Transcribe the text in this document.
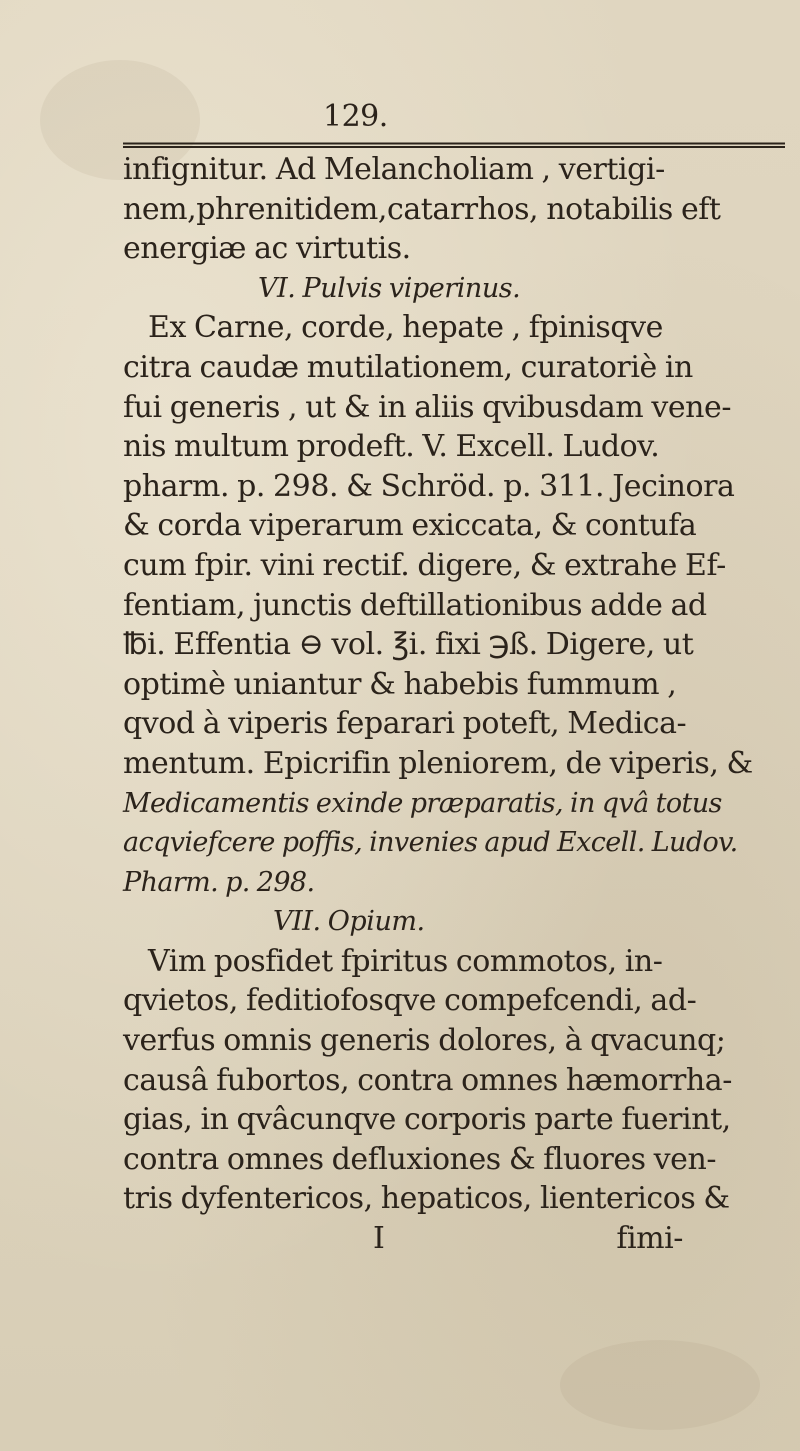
129.
infignitur. Ad Melancholiam , vertigi-
nem,phrenitidem,catarrhos, notabilis eft
energiæ ac virtutis.
VI. Pulvis viperinus.
Ex Carne, corde, hepate , fpinisqve
citra caudæ mutilationem, curatoriè in
fui generis , ut & in aliis qvibusdam vene-
nis multum prodeft. V. Excell. Ludov.
pharm. p. 298. & Schröd. p. 311. Jecinora
& corda viperarum exiccata, & contufa
cum fpir. vini rectif. digere, & extrahe Ef-
fentiam, junctis deftillationibus adde ad
℔i. Effentia ⊖ vol. ℥i. fixi ℈ß. Digere, ut
optimè uniantur & habebis fummum ,
qvod à viperis feparari poteft, Medica-
mentum. Epicrifin pleniorem, de viperis, &
Medicamentis exinde præparatis, in qvâ totus
acqviefcere poffis, invenies apud Excell. Ludov.
Pharm. p. 298.
VII. Opium.
Vim posfidet fpiritus commotos, in-
qvietos, feditiofosqve compefcendi, ad-
verfus omnis generis dolores, à qvacunq;
causâ fubortos, contra omnes hæmorrha-
gias, in qvâcunqve corporis parte fuerint,
contra omnes defluxiones & fluores ven-
tris dyfentericos, hepaticos, lientericos &
I	fimi-
